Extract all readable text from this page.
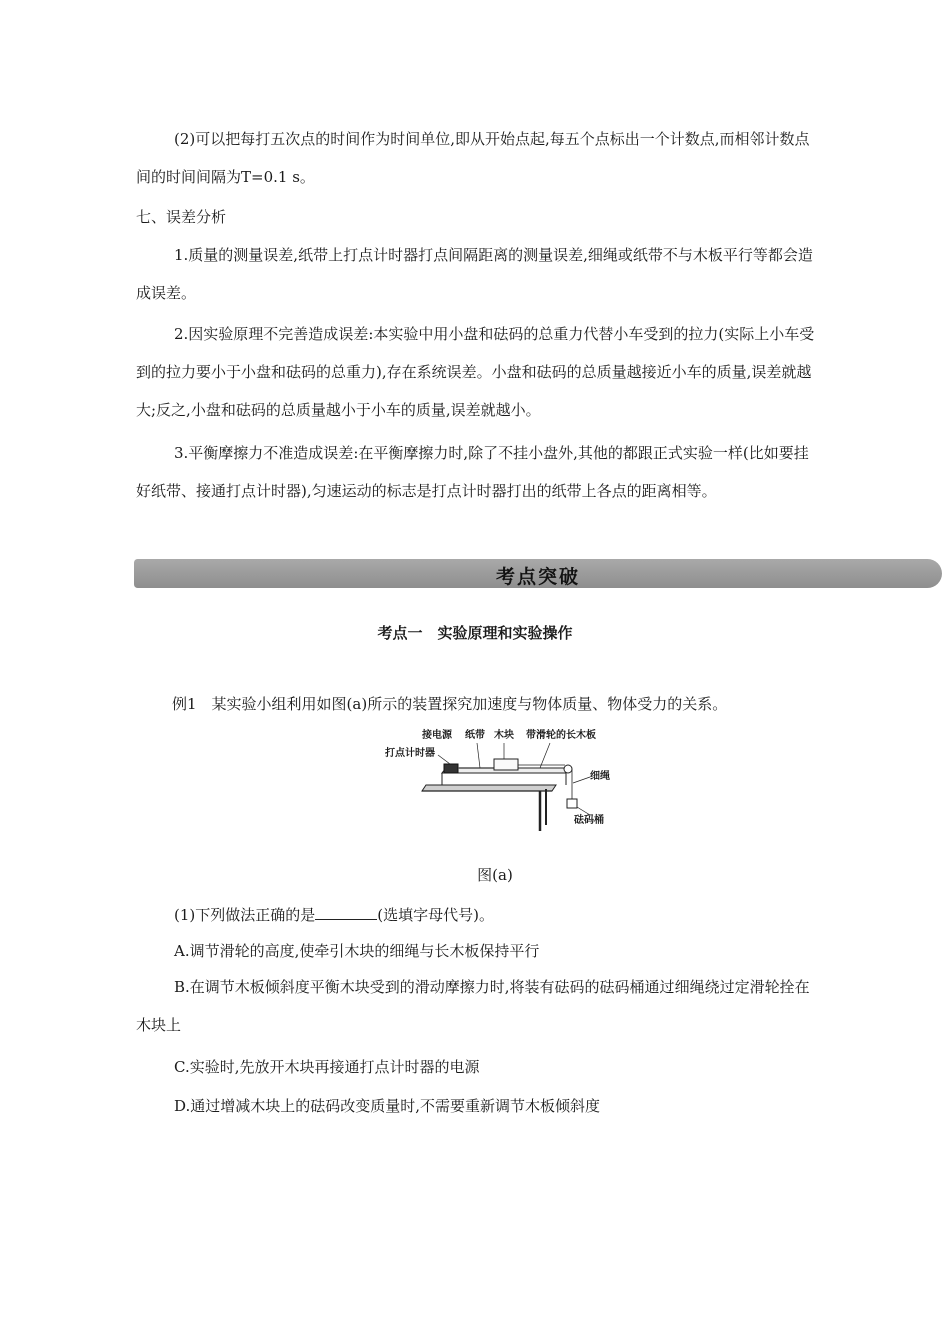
(2)可以把每打五次点的时间作为时间单位,即从开始点起,每五个点标出一个计数点,而相邻计数点间的时间间隔为T=0.1 s。

七、误差分析

1.质量的测量误差,纸带上打点计时器打点间隔距离的测量误差,细绳或纸带不与木板平行等都会造成误差。

2.因实验原理不完善造成误差:本实验中用小盘和砝码的总重力代替小车受到的拉力(实际上小车受到的拉力要小于小盘和砝码的总重力),存在系统误差。小盘和砝码的总质量越接近小车的质量,误差就越大;反之,小盘和砝码的总质量越小于小车的质量,误差就越小。

3.平衡摩擦力不准造成误差:在平衡摩擦力时,除了不挂小盘外,其他的都跟正式实验一样(比如要挂好纸带、接通打点计时器),匀速运动的标志是打点计时器打出的纸带上各点的距离相等。

考点突破

考点一　实验原理和实验操作

例1　某实验小组利用如图(a)所示的装置探究加速度与物体质量、物体受力的关系。

接电源 纸带 木块 带滑轮的长木板
打点计时器
细绳
砝码桶

图(a)

(1)下列做法正确的是	(选填字母代号)。

A.调节滑轮的高度,使牵引木块的细绳与长木板保持平行

B.在调节木板倾斜度平衡木块受到的滑动摩擦力时,将装有砝码的砝码桶通过细绳绕过定滑轮拴在木块上

C.实验时,先放开木块再接通打点计时器的电源

D.通过增减木块上的砝码改变质量时,不需要重新调节木板倾斜度
